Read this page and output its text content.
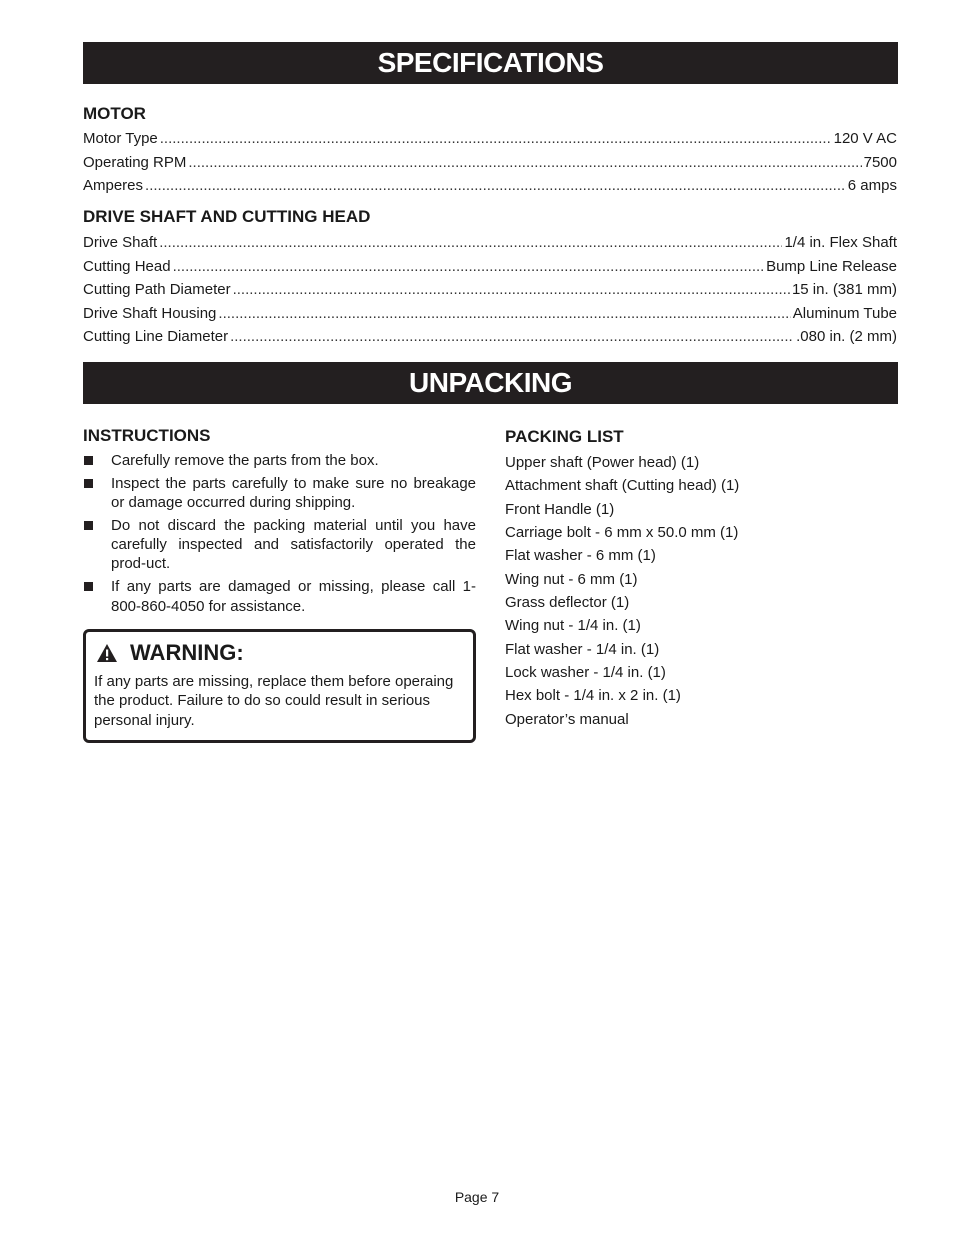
SPECIFICATIONS
MOTOR
Motor Type .....	120 V AC
Operating RPM .....	7500
Amperes .....	6 amps
DRIVE SHAFT AND CUTTING HEAD
Drive Shaft .....	1/4 in. Flex Shaft
Cutting Head .....	Bump Line Release
Cutting Path Diameter .....	15 in. (381 mm)
Drive Shaft Housing .....	Aluminum Tube
Cutting Line Diameter .....	.080 in. (2 mm)
UNPACKING
INSTRUCTIONS
Carefully remove the parts from the box.
Inspect the parts carefully to make sure no breakage or damage occurred during shipping.
Do not discard the packing material until you have carefully inspected and satisfactorily operated the prod-uct.
If any parts are damaged or missing, please call 1-800-860-4050 for assistance.
WARNING:
If any parts are missing, replace them before operaing the product. Failure to do so could result in serious personal injury.
PACKING LIST
Upper shaft (Power head) (1)
Attachment shaft (Cutting head) (1)
Front Handle (1)
Carriage bolt - 6 mm x 50.0 mm (1)
Flat washer - 6 mm (1)
Wing nut - 6 mm (1)
Grass deflector (1)
Wing nut - 1/4 in. (1)
Flat washer - 1/4 in. (1)
Lock washer - 1/4 in. (1)
Hex bolt - 1/4 in. x 2 in. (1)
Operator’s manual
Page 7
